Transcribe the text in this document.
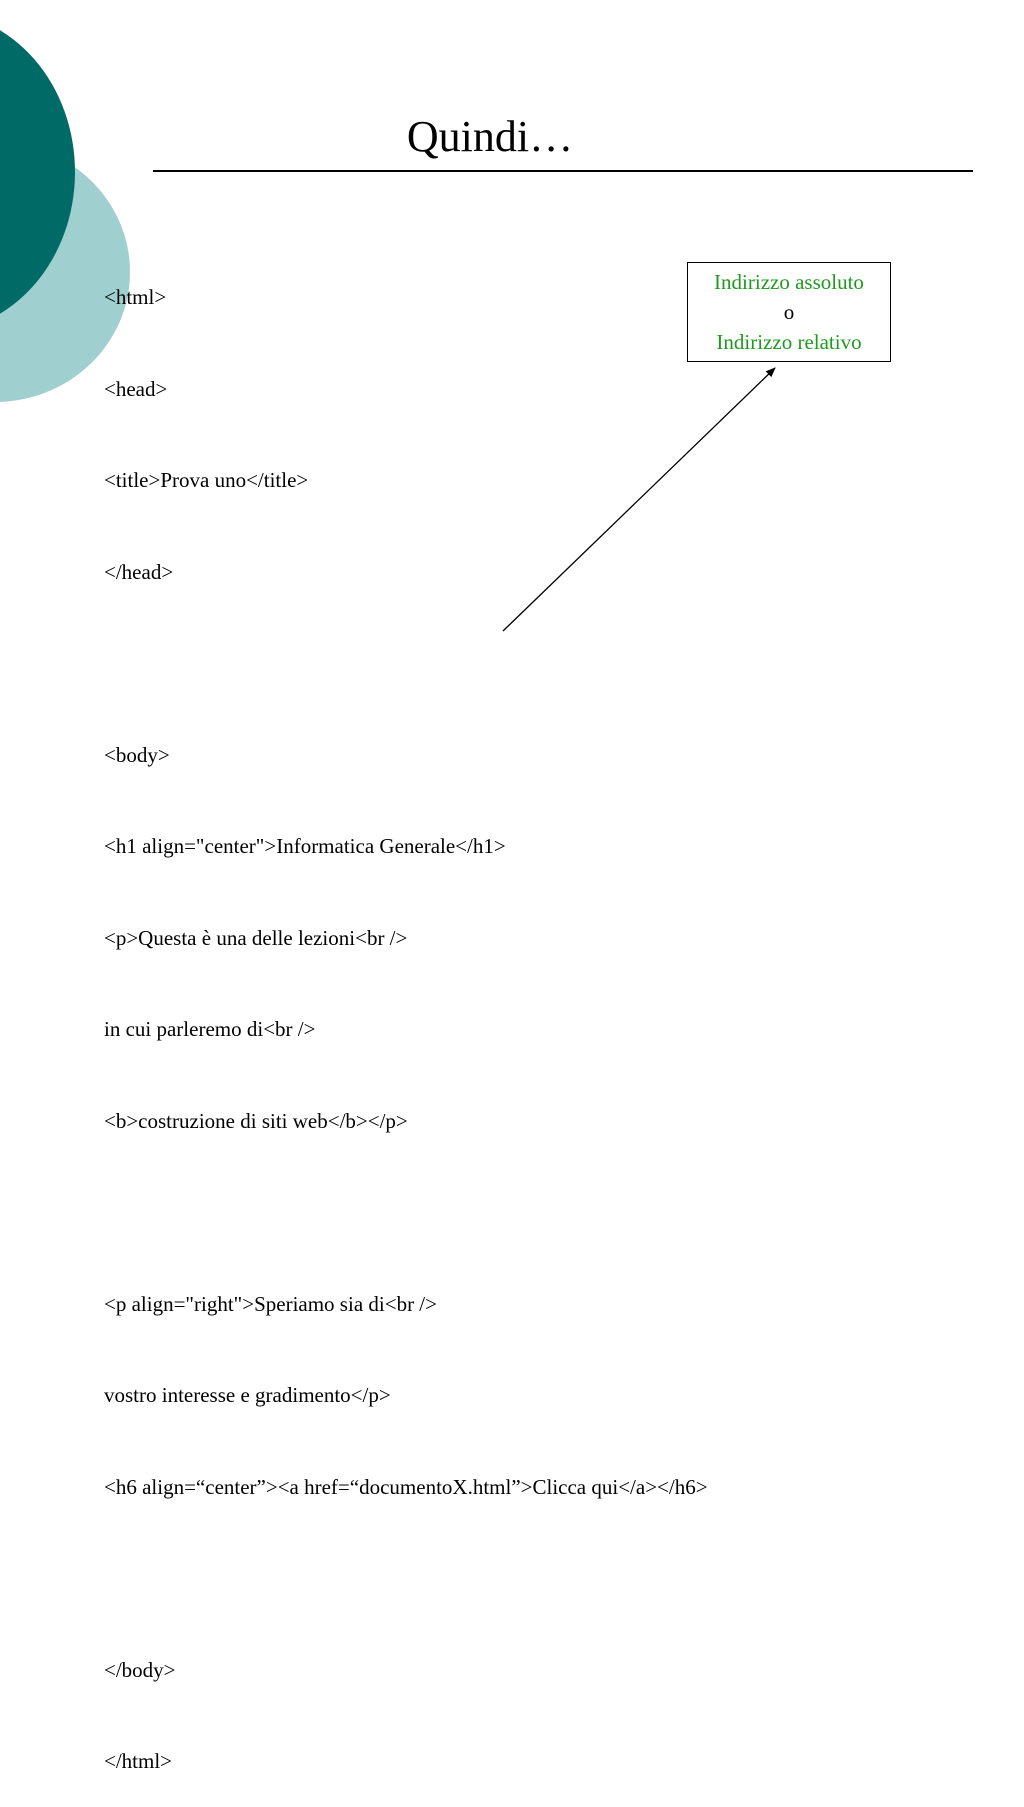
Quindi…

<html>

<head>

<title>Prova uno</title>

</head>

<body>

<h1 align="center">Informatica Generale</h1>

<p>Questa è una delle lezioni<br />

in cui parleremo di<br />

<b>costruzione di siti web</b></p>

<p align="right">Speriamo sia di<br />

vostro interesse e gradimento</p>

<h6 align=“center”><a href=“documentoX.html”>Clicca qui</a></h6>

</body>

</html>

Indirizzo assoluto
o
Indirizzo relativo
